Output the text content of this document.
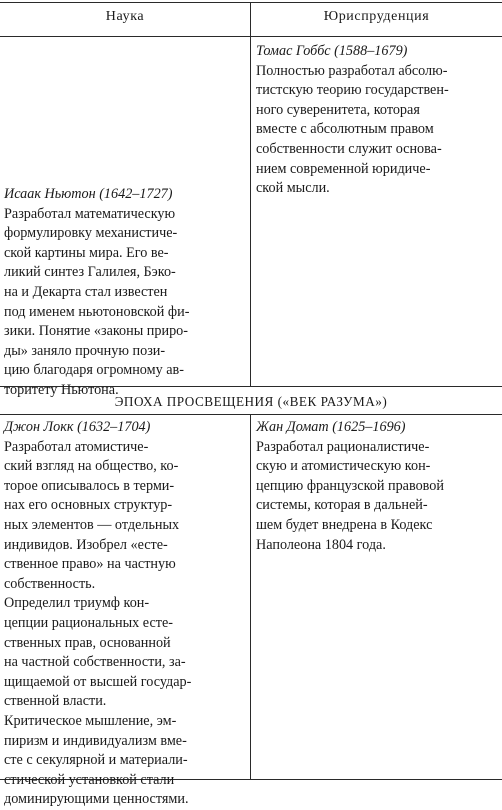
Наука	Юриспруденция
Томас Гоббс (1588–1679)
Полностью разработал абсолю-
тистскую теорию государствен-
ного суверенитета, которая
вместе с абсолютным правом
собственности служит основа-
нием современной юридиче-
ской мысли.
Исаак Ньютон (1642–1727)
Разработал математическую
формулировку механистиче-
ской картины мира. Его ве-
ликий синтез Галилея, Бэко-
на и Декарта стал известен
под именем ньютоновской фи-
зики. Понятие «законы приро-
ды» заняло прочную пози-
цию благодаря огромному ав-
торитету Ньютона.
ЭПОХА ПРОСВЕЩЕНИЯ («ВЕК РАЗУМА»)
Джон Локк (1632–1704)
Разработал атомистиче-
ский взгляд на общество, ко-
торое описывалось в терми-
нах его основных структур-
ных элементов — отдельных
индивидов. Изобрел «есте-
ственное право» на частную
собственность.
Определил триумф кон-
цепции рациональных есте-
ственных прав, основанной
на частной собственности, за-
щищаемой от высшей государ-
ственной власти.
Критическое мышление, эм-
пиризм и индивидуализм вме-
сте с секулярной и материали-
стической установкой стали
доминирующими ценностями.
Жан Домат (1625–1696)
Разработал рационалистиче-
скую и атомистическую кон-
цепцию французской правовой
системы, которая в дальней-
шем будет внедрена в Кодекс
Наполеона 1804 года.
